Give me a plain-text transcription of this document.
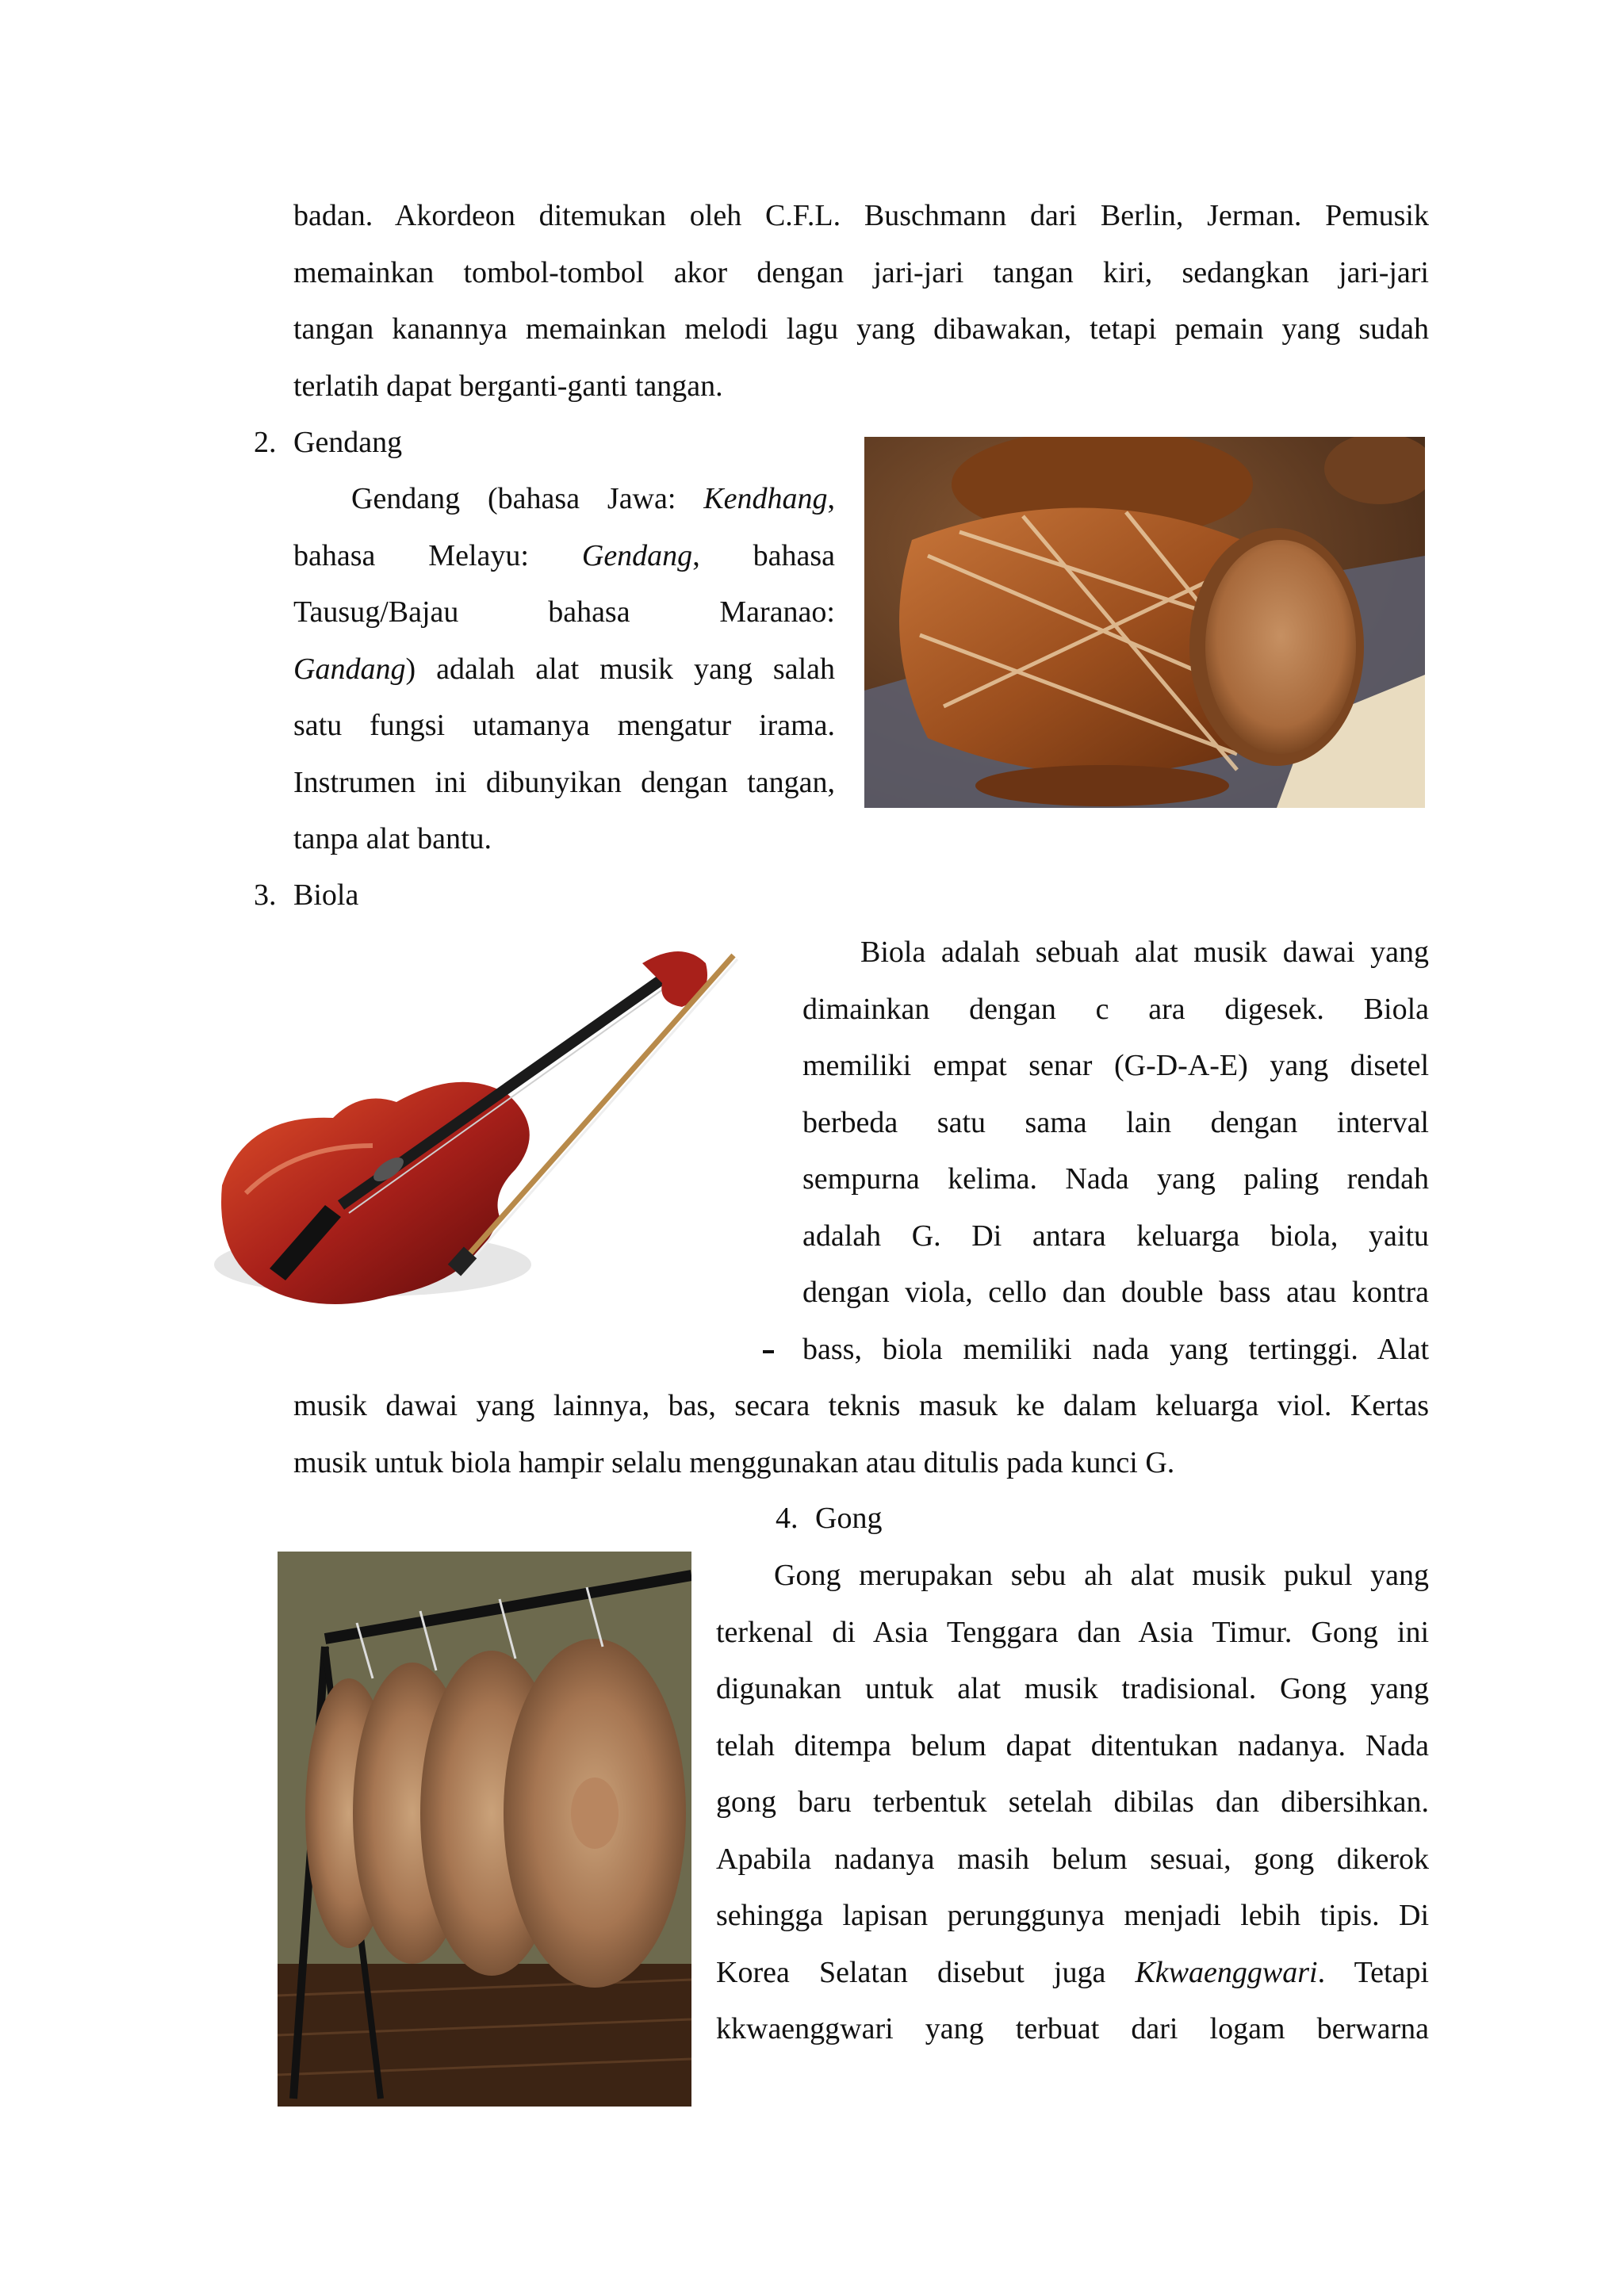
badan. Akordeon ditemukan oleh C.F.L. Buschmann dari Berlin, Jerman. Pemusik
memainkan tombol-tombol akor dengan jari-jari tangan kiri, sedangkan jari-jari
tangan kanannya memainkan melodi lagu yang dibawakan, tetapi pemain yang sudah
terlatih dapat berganti-ganti tangan.
2. Gendang
Gendang (bahasa Jawa: Kendhang,
bahasa Melayu: Gendang, bahasa
Tausug/Bajau bahasa Maranao:
Gandang) adalah alat musik yang salah
satu fungsi utamanya mengatur irama.
Instrumen ini dibunyikan dengan tangan,
tanpa alat bantu.
3. Biola
Biola adalah sebuah alat musik dawai yang
dimainkan dengan c ara digesek. Biola
memiliki empat senar (G-D-A-E) yang disetel
berbeda satu sama lain dengan interval
sempurna kelima. Nada yang paling rendah
adalah G. Di antara keluarga biola, yaitu
dengan viola, cello dan double bass atau kontra
bass, biola memiliki nada yang tertinggi. Alat
musik dawai yang lainnya, bas, secara teknis masuk ke dalam keluarga viol. Kertas
musik untuk biola hampir selalu menggunakan atau ditulis pada kunci G.
4. Gong
Gong merupakan sebu ah alat musik pukul yang
terkenal di Asia Tenggara dan Asia Timur. Gong ini
digunakan untuk alat musik tradisional. Gong yang
telah ditempa belum dapat ditentukan nadanya. Nada
gong baru terbentuk setelah dibilas dan dibersihkan.
Apabila nadanya masih belum sesuai, gong dikerok
sehingga lapisan perunggunya menjadi lebih tipis. Di
Korea Selatan disebut juga Kkwaenggwari. Tetapi
kkwaenggwari yang terbuat dari logam berwarna
